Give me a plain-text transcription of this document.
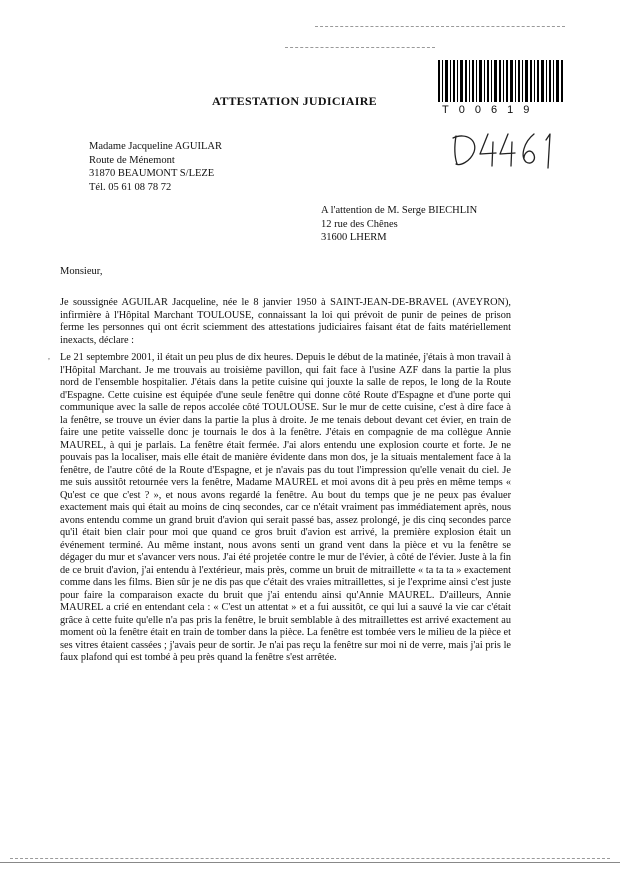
T00619
ATTESTATION JUDICIAIRE
Madame Jacqueline AGUILAR
Route de Ménemont
31870 BEAUMONT S/LEZE
Tél. 05 61 08 78 72
A l'attention de M. Serge BIECHLIN
12 rue des Chênes
31600 LHERM
Monsieur,
Je soussignée AGUILAR Jacqueline, née le 8 janvier 1950 à SAINT-JEAN-DE-BRAVEL (AVEYRON), infirmière à l'Hôpital Marchant TOULOUSE, connaissant la loi qui prévoit de punir de peines de prison ferme les personnes qui ont écrit sciemment des attestations judiciaires faisant état de faits matériellement inexacts, déclare :
, Le 21 septembre 2001, il était un peu plus de dix heures. Depuis le début de la matinée, j'étais à mon travail à l'Hôpital Marchant. Je me trouvais au troisième pavillon, qui fait face à l'usine AZF dans la partie la plus nord de l'ensemble hospitalier. J'étais dans la petite cuisine qui jouxte la salle de repos, le long de la Route d'Espagne. Cette cuisine est équipée d'une seule fenêtre qui donne côté Route d'Espagne et d'une porte qui communique avec la salle de repos accolée côté TOULOUSE. Sur le mur de cette cuisine, c'est à dire face à la fenêtre, se trouve un évier dans la partie la plus à droite. Je me tenais debout devant cet évier, en train de faire une petite vaisselle donc je tournais le dos à la fenêtre. J'étais en compagnie de ma collègue Annie MAUREL, à qui je parlais. La fenêtre était fermée. J'ai alors entendu une explosion courte et forte. Je ne pouvais pas la localiser, mais elle était de manière évidente dans mon dos, je la situais mentalement face à la fenêtre, de l'autre côté de la Route d'Espagne, et je n'avais pas du tout l'impression qu'elle venait du ciel. Je me suis aussitôt retournée vers la fenêtre, Madame MAUREL et moi avons dit à peu près en même temps « Qu'est ce que c'est ? », et nous avons regardé la fenêtre. Au bout du temps que je ne peux pas évaluer exactement mais qui était au moins de cinq secondes, car ce n'était vraiment pas immédiatement après, nous avons entendu comme un grand bruit d'avion qui serait passé bas, assez prolongé, je dis cinq secondes parce qu'il était bien clair pour moi que quand ce gros bruit d'avion est arrivé, la première explosion était un événement terminé. Au même instant, nous avons senti un grand vent dans la pièce et vu la fenêtre se dégager du mur et s'avancer vers nous. J'ai été projetée contre le mur de l'évier, à côté de l'évier. Juste à la fin de ce bruit d'avion, j'ai entendu à l'extérieur, mais près, comme un bruit de mitraillette « ta ta ta » exactement comme dans les films. Bien sûr je ne dis pas que c'était des vraies mitraillettes, si je l'exprime ainsi c'est juste pour faire la comparaison exacte du bruit que j'ai entendu ainsi qu'Annie MAUREL. D'ailleurs, Annie MAUREL a crié en entendant cela : « C'est un attentat » et a fui aussitôt, ce qui lui a sauvé la vie car c'était grâce à cette fuite qu'elle n'a pas pris la fenêtre, le bruit semblable à des mitraillettes est arrivé exactement au moment où la fenêtre était en train de tomber dans la pièce. La fenêtre est tombée vers le milieu de la pièce et ses vitres étaient cassées ; j'avais peur de sortir. Je n'ai pas reçu la fenêtre sur moi ni de verre, mais j'ai pris le faux plafond qui est tombé à peu près quand la fenêtre s'est arrêtée.
